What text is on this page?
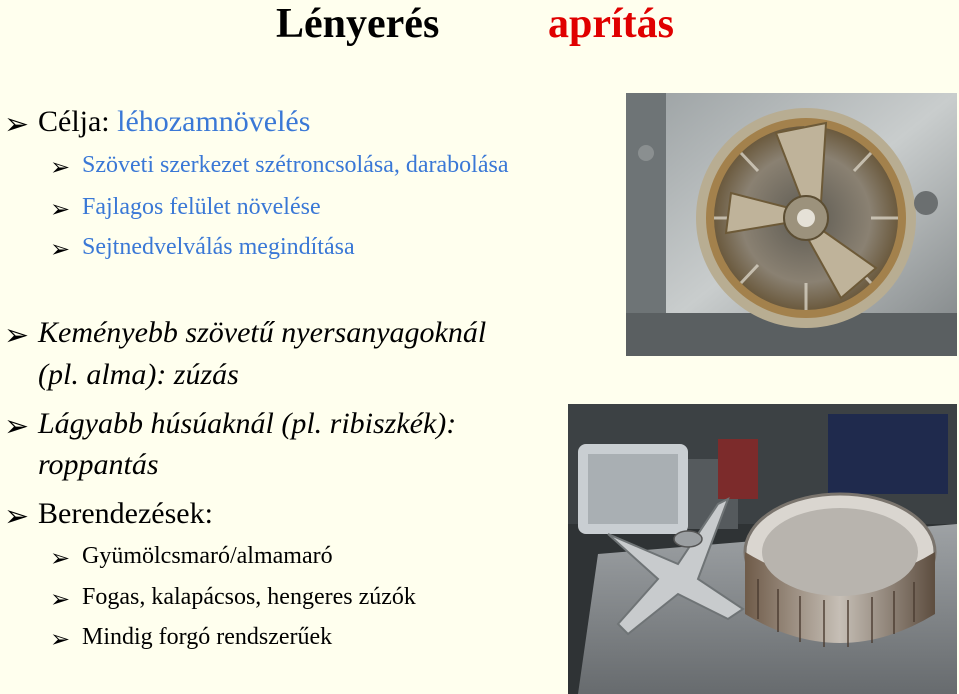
Lényerés	aprítás
➢ Célja: léhozamnövelés
➢ Szöveti szerkezet szétroncsolása, darabolása
➢ Fajlagos felület növelése
➢ Sejtnedvelválás megindítása
➢ Keményebb szövetű nyersanyagoknál
(pl. alma): zúzás
➢ Lágyabb húsúaknál (pl. ribiszkék):
roppantás
➢ Berendezések:
➢ Gyümölcsmaró/almamaró
➢ Fogas, kalapácsos, hengeres zúzók
➢ Mindig forgó rendszerűek
